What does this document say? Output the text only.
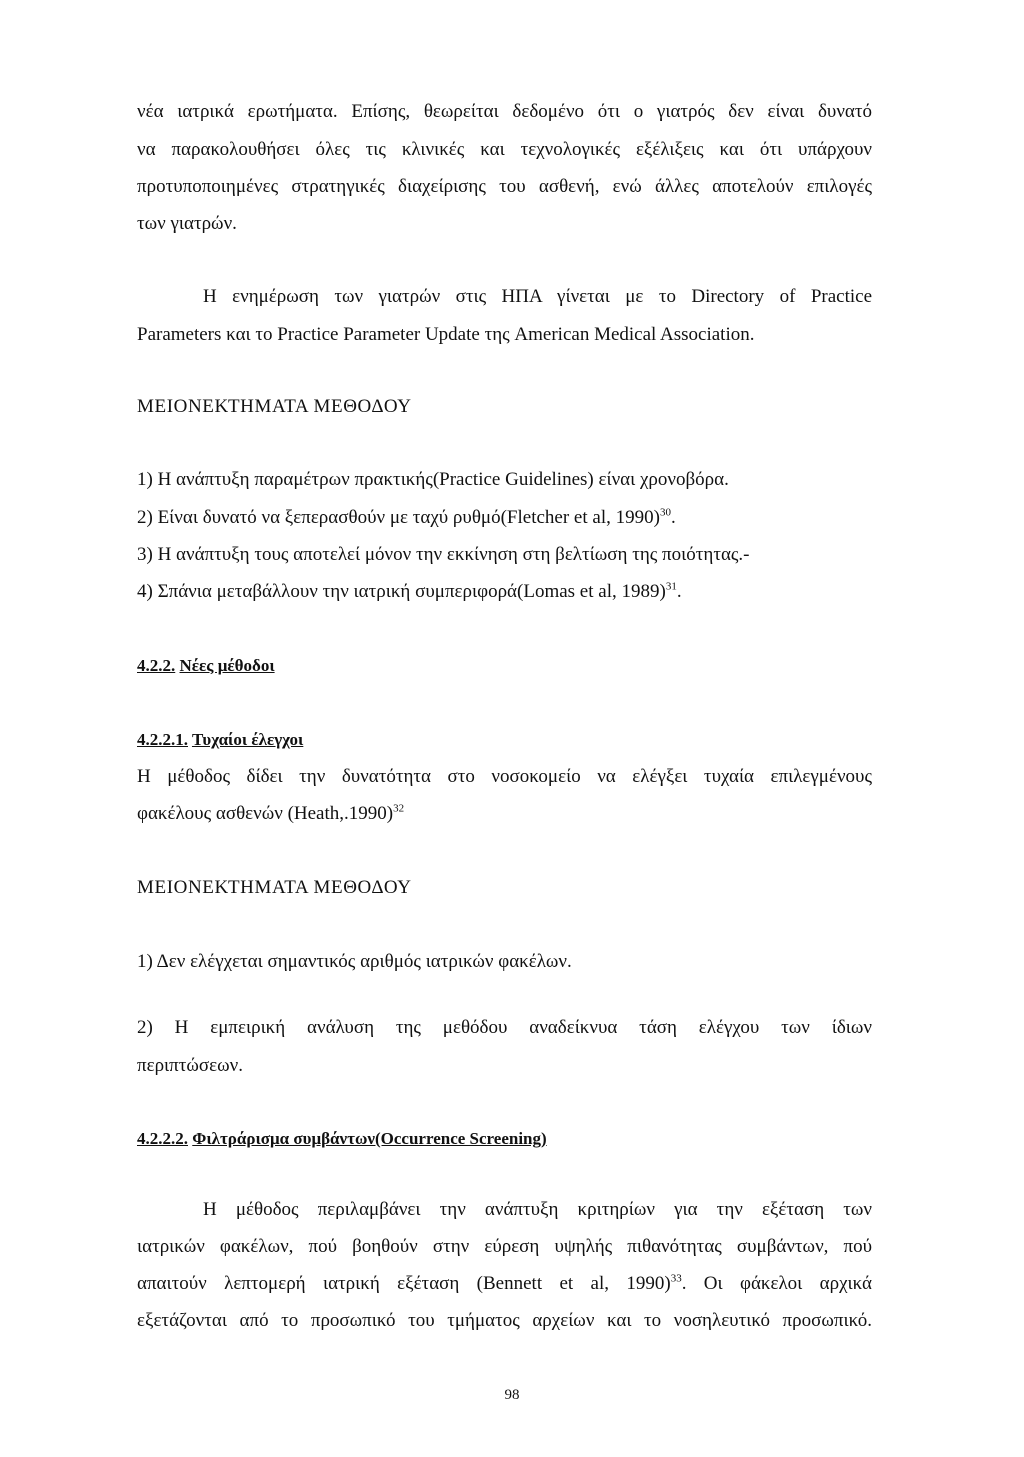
νέα ιατρικά ερωτήματα. Επίσης, θεωρείται δεδομένο ότι ο γιατρός δεν είναι δυνατό
να παρακολουθήσει όλες τις κλινικές και τεχνολογικές εξέλιξεις και ότι υπάρχουν
προτυποποιημένες στρατηγικές διαχείρισης του ασθενή, ενώ άλλες αποτελούν επιλογές
των γιατρών.
Η ενημέρωση των γιατρών στις ΗΠΑ γίνεται με το Directory of Practice
Parameters και το Practice Parameter Update της American Medical Association.
ΜΕΙΟΝΕΚΤΗΜΑΤΑ ΜΕΘΟΔΟΥ
1) Η ανάπτυξη παραμέτρων πρακτικής(Practice Guidelines) είναι χρονοβόρα.
2) Είναι δυνατό να ξεπερασθούν με ταχύ ρυθμό(Fletcher et al, 1990)$^{30}$.
3) Η ανάπτυξη τους αποτελεί μόνον την εκκίνηση στη βελτίωση της ποιότητας.-
4) Σπάνια μεταβάλλουν την ιατρική συμπεριφορά(Lomas et al, 1989)$^{31}$.
4.2.2. Νέες μέθοδοι
4.2.2.1. Τυχαίοι έλεγχοι
Η μέθοδος δίδει την δυνατότητα στο νοσοκομείο να ελέγξει τυχαία επιλεγμένους
φακέλους ασθενών (Heath,.1990)$^{32}$
ΜΕΙΟΝΕΚΤΗΜΑΤΑ ΜΕΘΟΔΟΥ
1) Δεν ελέγχεται σημαντικός αριθμός ιατρικών φακέλων.
2) Η εμπειρική ανάλυση της μεθόδου αναδείκνυα τάση ελέγχου των ίδιων
περιπτώσεων.
4.2.2.2. Φιλτράρισμα συμβάντων(Occurrence Screening)
Η μέθοδος περιλαμβάνει την ανάπτυξη κριτηρίων για την εξέταση των
ιατρικών φακέλων, πού βοηθούν στην εύρεση υψηλής πιθανότητας συμβάντων, πού
απαιτούν λεπτομερή ιατρική εξέταση (Bennett et al, 1990)$^{33}$. Οι φάκελοι αρχικά
εξετάζονται από το προσωπικό του τμήματος αρχείων και το νοσηλευτικό προσωπικό.
98
